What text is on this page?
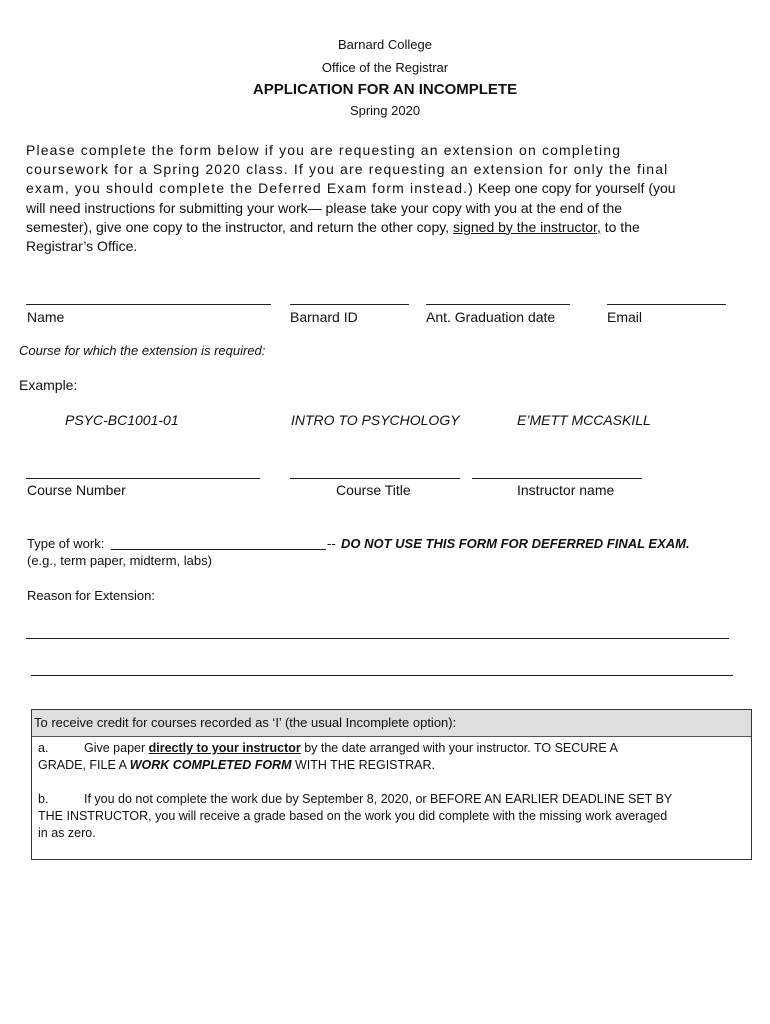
Barnard College
Office of the Registrar
APPLICATION FOR AN INCOMPLETE
Spring 2020
Please complete the form below if you are requesting an extension on completing
coursework for a Spring 2020 class. If you are requesting an extension for only the final
exam, you should complete the Deferred Exam form instead.) Keep one copy for yourself (you
will need instructions for submitting your work— please take your copy with you at the end of the
semester), give one copy to the instructor, and return the other copy, signed by the instructor, to the
Registrar’s Office.
Name	Barnard ID	Ant. Graduation date	Email
Course for which the extension is required:
Example:
PSYC-BC1001-01	INTRO TO PSYCHOLOGY	E’METT MCCASKILL
Course Number	Course Title	Instructor name
Type of work:	-- DO NOT USE THIS FORM FOR DEFERRED FINAL EXAM.
(e.g., term paper, midterm, labs)
Reason for Extension:
To receive credit for courses recorded as ‘I’ (the usual Incomplete option):
a.	Give paper directly to your instructor by the date arranged with your instructor. TO SECURE A
GRADE, FILE A WORK COMPLETED FORM WITH THE REGISTRAR.
b.	If you do not complete the work due by September 8, 2020, or BEFORE AN EARLIER DEADLINE SET BY
THE INSTRUCTOR, you will receive a grade based on the work you did complete with the missing work averaged
in as zero.
